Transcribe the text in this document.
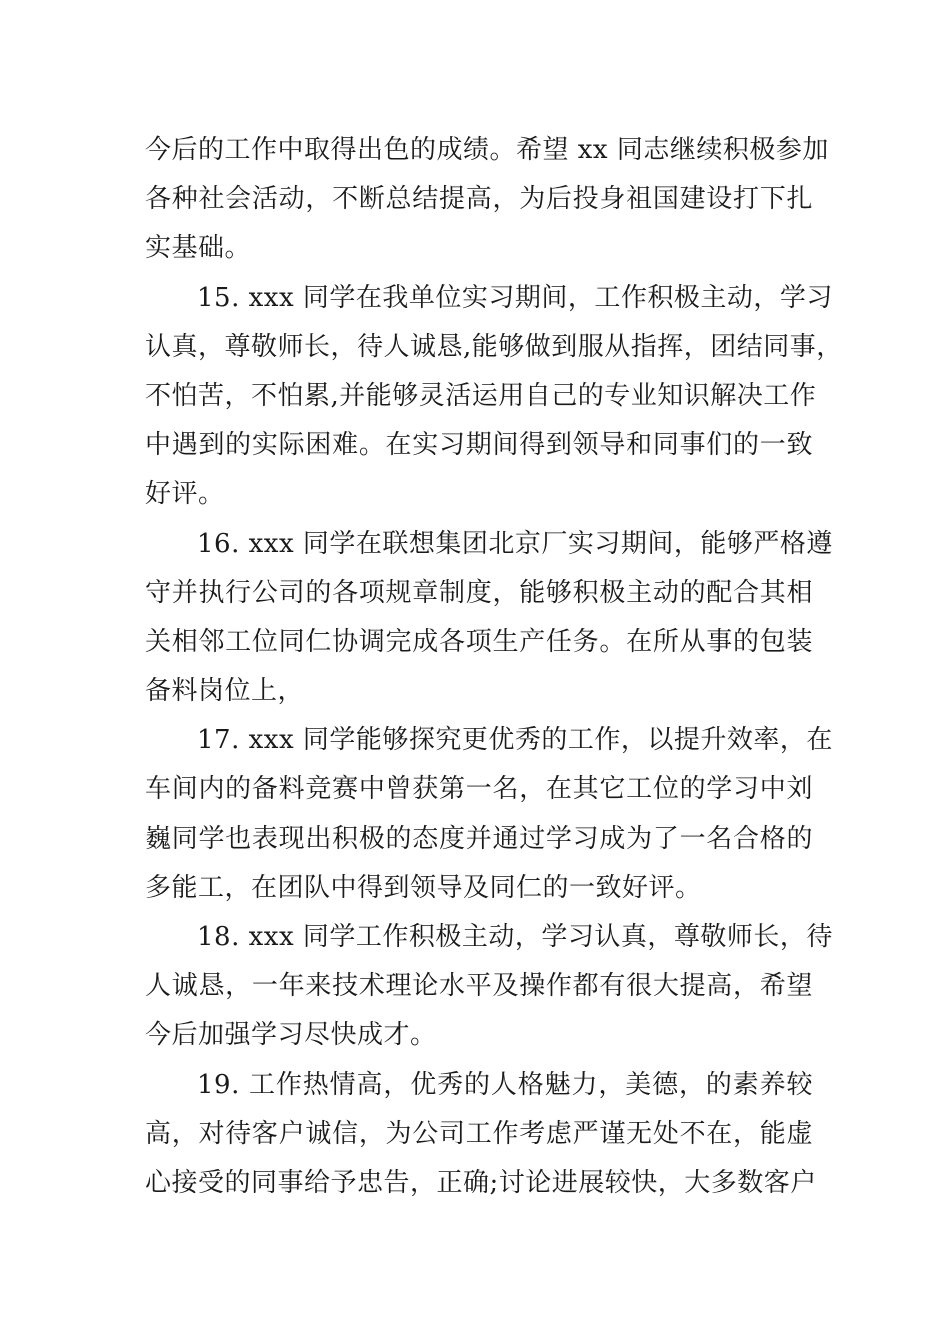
今后的工作中取得出色的成绩。希望 xx 同志继续积极参加
各种社会活动，不断总结提高，为后投身祖国建设打下扎
实基础。
15. xxx 同学在我单位实习期间，工作积极主动，学习
认真，尊敬师长，待人诚恳,能够做到服从指挥，团结同事，
不怕苦，不怕累,并能够灵活运用自己的专业知识解决工作
中遇到的实际困难。在实习期间得到领导和同事们的一致
好评。
16. xxx 同学在联想集团北京厂实习期间，能够严格遵
守并执行公司的各项规章制度，能够积极主动的配合其相
关相邻工位同仁协调完成各项生产任务。在所从事的包装
备料岗位上，
17. xxx 同学能够探究更优秀的工作，以提升效率，在
车间内的备料竞赛中曾获第一名，在其它工位的学习中刘
巍同学也表现出积极的态度并通过学习成为了一名合格的
多能工，在团队中得到领导及同仁的一致好评。
18. xxx 同学工作积极主动，学习认真，尊敬师长，待
人诚恳，一年来技术理论水平及操作都有很大提高，希望
今后加强学习尽快成才。
19. 工作热情高，优秀的人格魅力，美德，的素养较
高，对待客户诚信，为公司工作考虑严谨无处不在，能虚
心接受的同事给予忠告，正确;讨论进展较快，大多数客户
